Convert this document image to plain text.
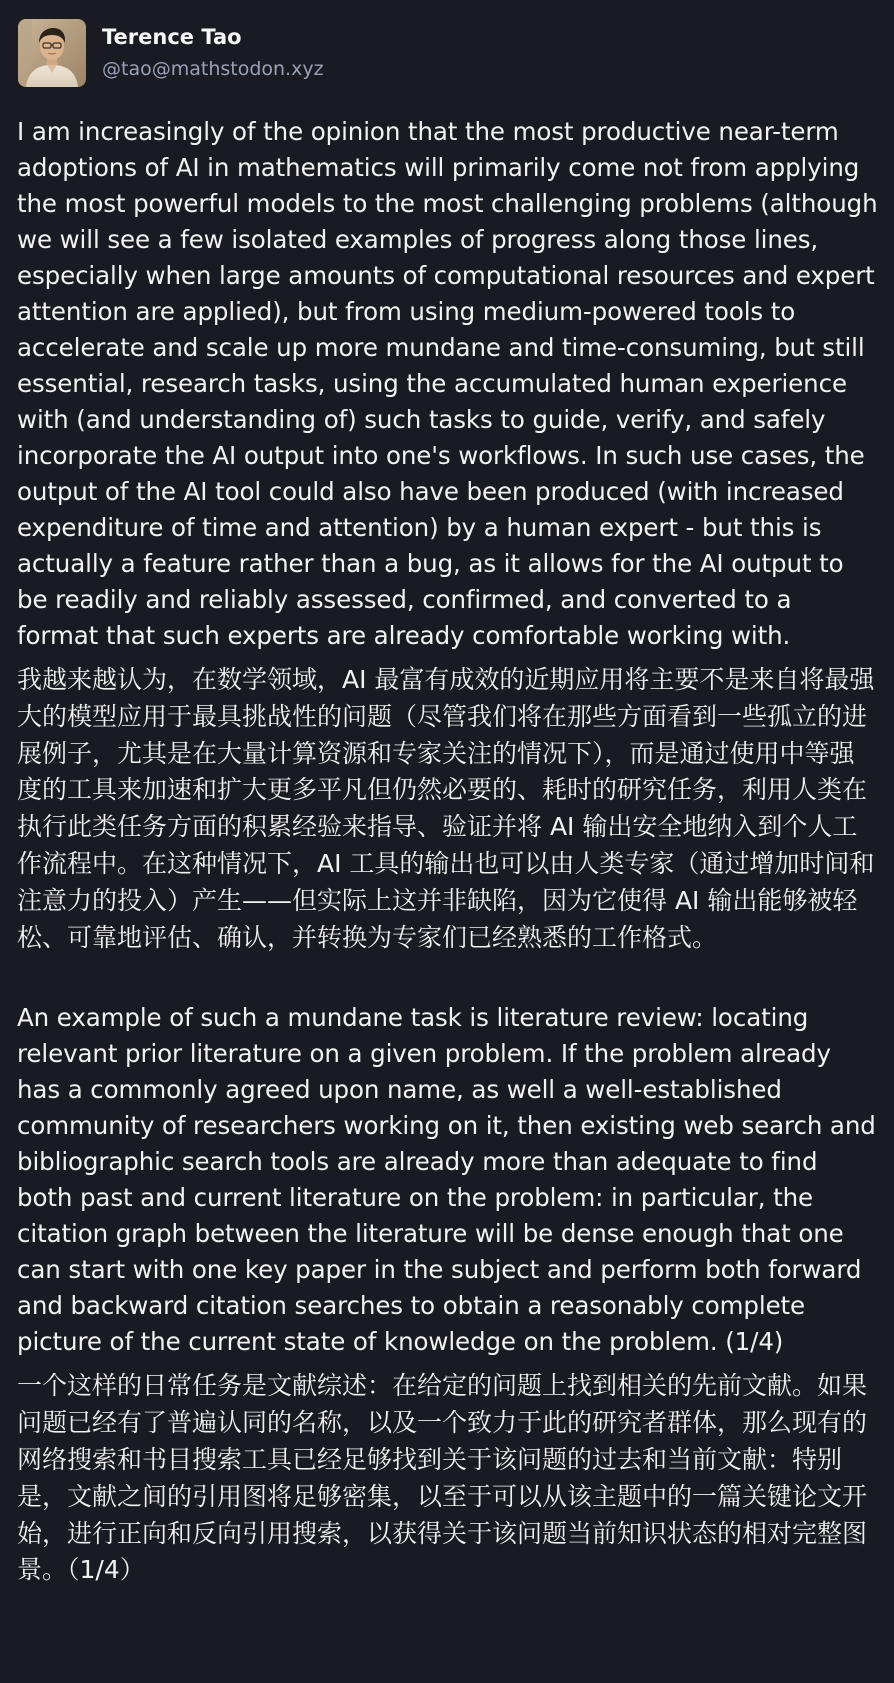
Terence Tao
@tao@mathstodon.xyz

I am increasingly of the opinion that the most productive near-term adoptions of AI in mathematics will primarily come not from applying the most powerful models to the most challenging problems (although we will see a few isolated examples of progress along those lines, especially when large amounts of computational resources and expert attention are applied), but from using medium-powered tools to accelerate and scale up more mundane and time-consuming, but still essential, research tasks, using the accumulated human experience with (and understanding of) such tasks to guide, verify, and safely incorporate the AI output into one's workflows. In such use cases, the output of the AI tool could also have been produced (with increased expenditure of time and attention) by a human expert - but this is actually a feature rather than a bug, as it allows for the AI output to be readily and reliably assessed, confirmed, and converted to a format that such experts are already comfortable working with.

我越来越认为，在数学领域，AI 最富有成效的近期应用将主要不是来自将最强大的模型应用于最具挑战性的问题（尽管我们将在那些方面看到一些孤立的进展例子，尤其是在大量计算资源和专家关注的情况下），而是通过使用中等强度的工具来加速和扩大更多平凡但仍然必要的、耗时的研究任务，利用人类在执行此类任务方面的积累经验来指导、验证并将 AI 输出安全地纳入到个人工作流程中。在这种情况下，AI 工具的输出也可以由人类专家（通过增加时间和注意力的投入）产生——但实际上这并非缺陷，因为它使得 AI 输出能够被轻松、可靠地评估、确认，并转换为专家们已经熟悉的工作格式。

An example of such a mundane task is literature review: locating relevant prior literature on a given problem. If the problem already has a commonly agreed upon name, as well a well-established community of researchers working on it, then existing web search and bibliographic search tools are already more than adequate to find both past and current literature on the problem: in particular, the citation graph between the literature will be dense enough that one can start with one key paper in the subject and perform both forward and backward citation searches to obtain a reasonably complete picture of the current state of knowledge on the problem. (1/4)

一个这样的日常任务是文献综述：在给定的问题上找到相关的先前文献。如果问题已经有了普遍认同的名称，以及一个致力于此的研究者群体，那么现有的网络搜索和书目搜索工具已经足够找到关于该问题的过去和当前文献：特别是，文献之间的引用图将足够密集，以至于可以从该主题中的一篇关键论文开始，进行正向和反向引用搜索，以获得关于该问题当前知识状态的相对完整图景。（1/4）
